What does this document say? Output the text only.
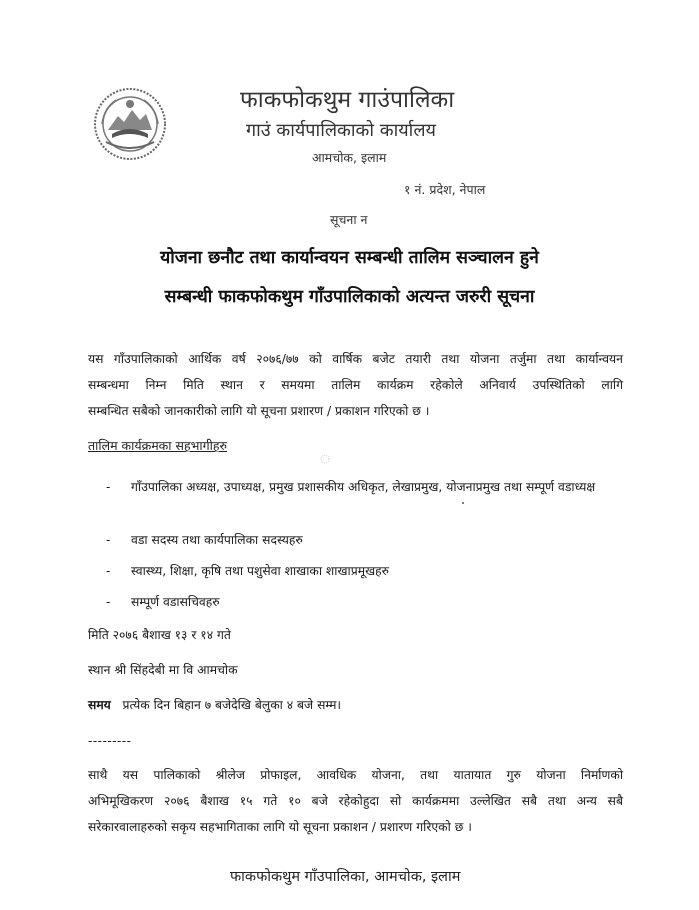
फाकफोकथुम गाउंपालिका
गाउं कार्यपालिकाको कार्यालय
आमचोक, इलाम
१ नं. प्रदेश, नेपाल
सूचना न
योजना छनौट तथा कार्यान्वयन सम्बन्धी तालिम सञ्चालन हुने
सम्बन्धी फाकफोकथुम गाँउपालिकाको अत्यन्त जरुरी सूचना
यस गाँउपालिकाको आर्थिक वर्ष २०७६/७७ को वार्षिक बजेट तयारी तथा योजना तर्जुमा तथा कार्यान्वयन
सम्बन्धमा निम्न मिति स्थान र समयमा तालिम कार्यक्रम रहेकोले अनिवार्य उपस्थितिको लागि

सम्बन्धित सबैको जानकारीको लागि यो सूचना प्रशारण / प्रकाशन गरिएको छ ।
तालिम कार्यक्रमका सहभागीहरु
- गाँउपालिका अध्यक्ष, उपाध्यक्ष, प्रमुख प्रशासकीय अधिकृत, लेखाप्रमुख, योजनाप्रमुख तथा सम्पूर्ण वडाध्यक्ष
- वडा सदस्य तथा कार्यपालिका सदस्यहरु
- स्वास्थ्य, शिक्षा, कृषि तथा पशुसेवा शाखाका शाखाप्रमूखहरु
- सम्पूर्ण वडासचिवहरु
मिति २०७६ बैशाख १३ र १४ गते
स्थान श्री सिंहदेबी मा वि आमचोक
समय प्रत्येक दिन बिहान ७ बजेदेखि बेलुका ४ बजे सम्म।
---------
साथै यस पालिकाको श्रीलेज प्रोफाइल, आवधिक योजना, तथा यातायात गुरु योजना निर्माणको
अभिमूखिकरण २०७६ बैशाख १५ गते १० बजे रहेकोहुदा सो कार्यक्रममा उल्लेखित सबै तथा अन्य सबै

सरेकारवालाहरुको सकृय सहभागिताका लागि यो सूचना प्रकाशन / प्रशारण गरिएको छ ।
फाकफोकथुम गाँउपालिका, आमचोक, इलाम
